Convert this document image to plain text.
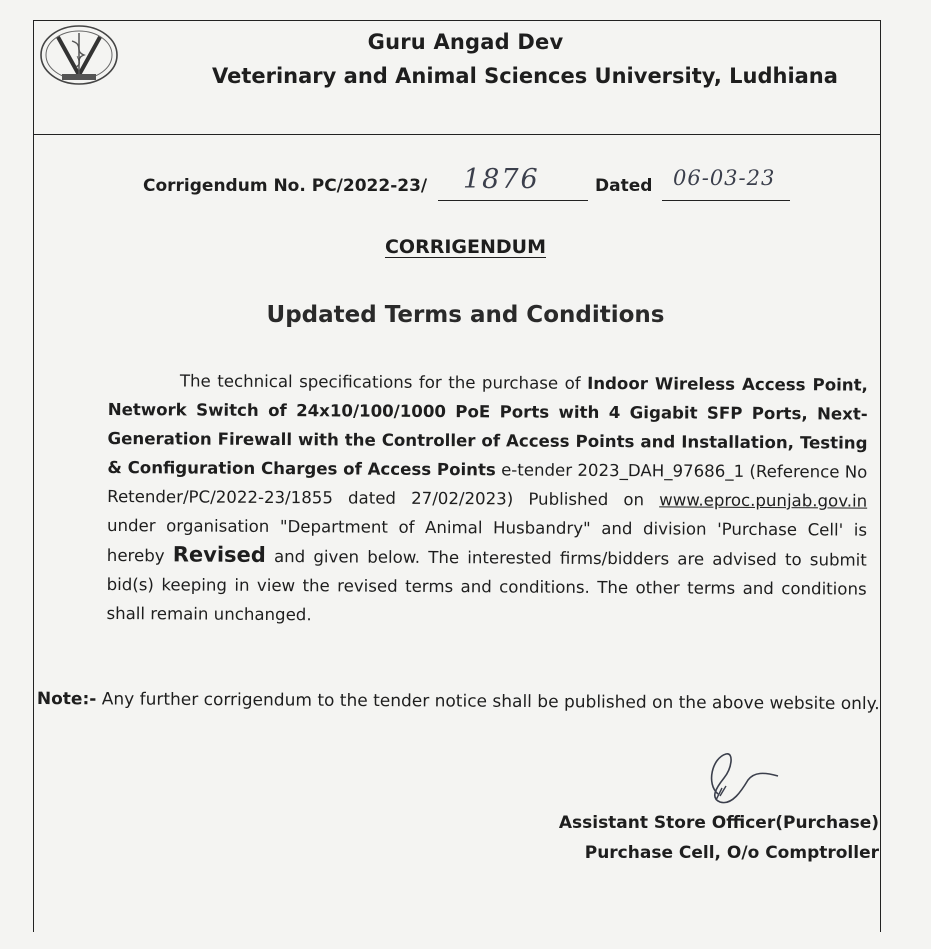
V
Guru Angad Dev
Veterinary and Animal Sciences University, Ludhiana
Corrigendum No. PC/2022-23/ 1876	Dated 06-03-23
CORRIGENDUM
Updated Terms and Conditions
The technical specifications for the purchase of Indoor Wireless Access Point, Network Switch of 24x10/100/1000 PoE Ports with 4 Gigabit SFP Ports, Next-Generation Firewall with the Controller of Access Points and Installation, Testing & Configuration Charges of Access Points e-tender 2023_DAH_97686_1 (Reference No Retender/PC/2022-23/1855 dated 27/02/2023) Published on www.eproc.punjab.gov.in under organisation "Department of Animal Husbandry" and division 'Purchase Cell' is hereby Revised and given below. The interested firms/bidders are advised to submit bid(s) keeping in view the revised terms and conditions. The other terms and conditions shall remain unchanged.
Note:- Any further corrigendum to the tender notice shall be published on the above website only.
Assistant Store Officer(Purchase)
Purchase Cell, O/o Comptroller
